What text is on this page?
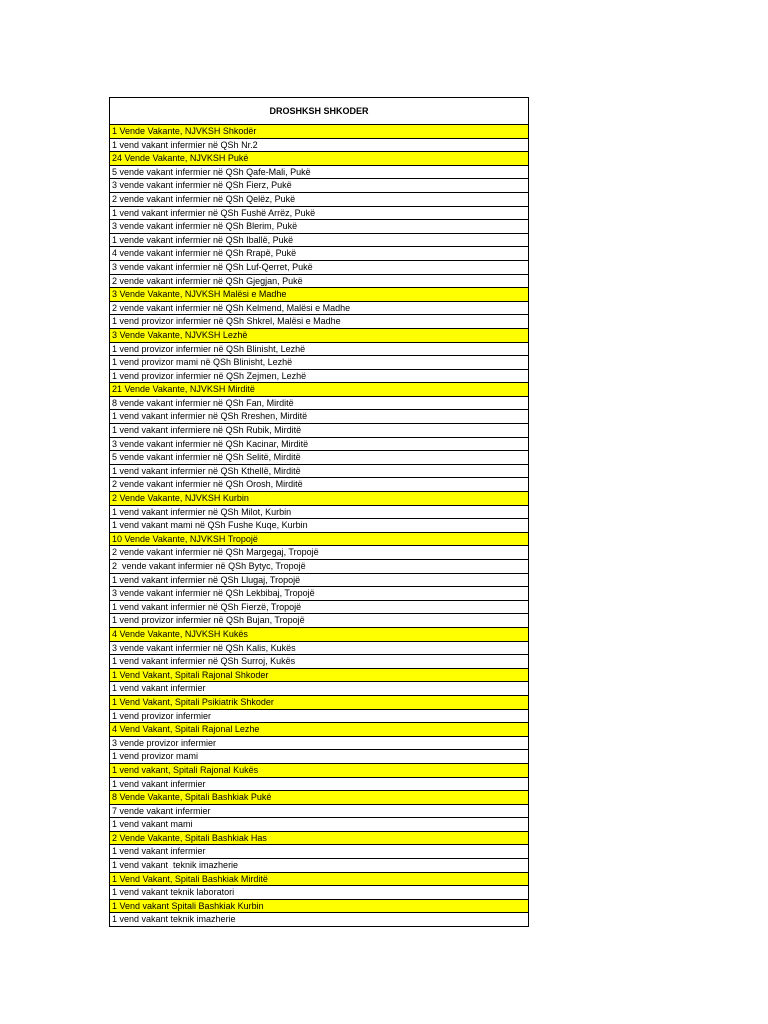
DROSHKSH SHKODER
1 Vende Vakante, NJVKSH Shkodër
1 vend vakant infermier në QSh Nr.2
24 Vende Vakante, NJVKSH Pukë
5 vende vakant infermier në QSh Qafe-Mali, Pukë
3 vende vakant infermier në QSh Fierz, Pukë
2 vende vakant infermier në QSh Qelëz, Pukë
1 vend vakant infermier në QSh Fushë Arrëz, Pukë
3 vende vakant infermier në QSh Blerim, Pukë
1 vende vakant infermier në QSh Iballë, Pukë
4 vende vakant infermier në QSh Rrapë, Pukë
3 vende vakant infermier në QSh Luf-Qerret, Pukë
2 vende vakant infermier në QSh Gjegjan, Pukë
3 Vende Vakante, NJVKSH Malësi e Madhe
2 vende vakant infermier në QSh Kelmend, Malësi e Madhe
1 vend provizor infermier në QSh Shkrel, Malësi e Madhe
3 Vende Vakante, NJVKSH Lezhë
1 vend provizor infermier në QSh Blinisht, Lezhë
1 vend provizor mami në QSh Blinisht, Lezhë
1 vend provizor infermier në QSh Zejmen, Lezhë
21 Vende Vakante, NJVKSH Mirditë
8 vende vakant infermier në QSh Fan, Mirditë
1 vend vakant infermier në QSh Rreshen, Mirditë
1 vend vakant infermiere në QSh Rubik, Mirditë
3 vende vakant infermier në QSh Kacinar, Mirditë
5 vende vakant infermier në QSh Selitë, Mirditë
1 vend vakant infermier në QSh Kthellë, Mirditë
2 vende vakant infermier në QSh Orosh, Mirditë
2 Vende Vakante, NJVKSH Kurbin
1 vend vakant infermier në QSh Milot, Kurbin
1 vend vakant mami në QSh Fushe Kuqe, Kurbin
10 Vende Vakante, NJVKSH Tropojë
2 vende vakant infermier në QSh Margegaj, Tropojë
2  vende vakant infermier në QSh Bytyc, Tropojë
1 vend vakant infermier në QSh Llugaj, Tropojë
3 vende vakant infermier në QSh Lekbibaj, Tropojë
1 vend vakant infermier në QSh Fierzë, Tropojë
1 vend provizor infermier në QSh Bujan, Tropojë
4 Vende Vakante, NJVKSH Kukës
3 vende vakant infermier në QSh Kalis, Kukës
1 vend vakant infermier në QSh Surroj, Kukës
1 Vend Vakant, Spitali Rajonal Shkoder
1 vend vakant infermier
1 Vend Vakant, Spitali Psikiatrik Shkoder
1 vend provizor infermier
4 Vend Vakant, Spitali Rajonal Lezhe
3 vende provizor infermier
1 vend provizor mami
1 vend vakant, Spitali Rajonal Kukës
1 vend vakant infermier
8 Vende Vakante, Spitali Bashkiak Pukë
7 vende vakant infermier
1 vend vakant mami
2 Vende Vakante, Spitali Bashkiak Has
1 vend vakant infermier
1 vend vakant  teknik imazherie
1 Vend Vakant, Spitali Bashkiak Mirditë
1 vend vakant teknik laboratori
1 Vend vakant Spitali Bashkiak Kurbin
1 vend vakant teknik imazherie
